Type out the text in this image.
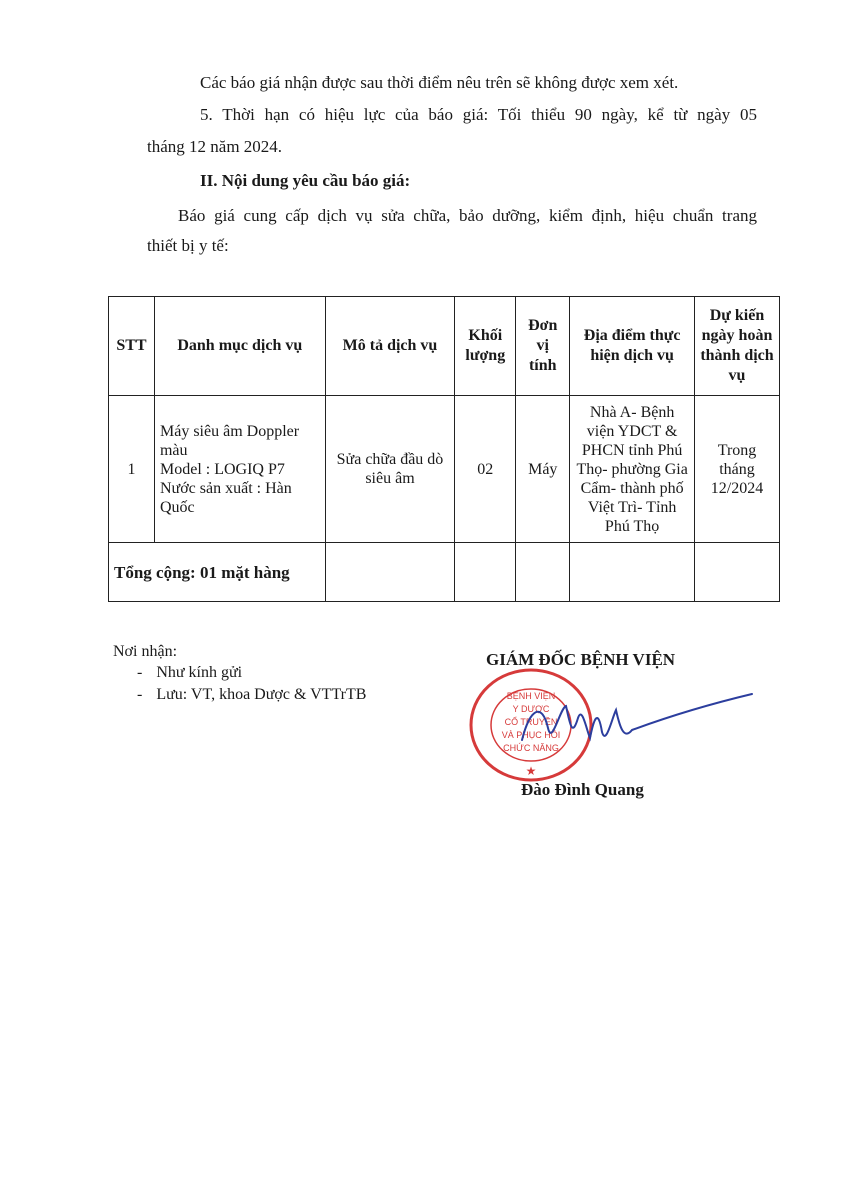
Các báo giá nhận được sau thời điểm nêu trên sẽ không được xem xét.
5. Thời hạn có hiệu lực của báo giá: Tối thiểu 90 ngày, kể từ ngày 05
tháng 12 năm 2024.
II. Nội dung yêu cầu báo giá:
Báo giá cung cấp dịch vụ sửa chữa, bảo dưỡng, kiểm định, hiệu chuẩn trang
thiết bị y tế:
STT	Danh mục dịch vụ	Mô tả dịch vụ	Khối lượng	Đơn vị tính	Địa điểm thực hiện dịch vụ	Dự kiến ngày hoàn thành dịch vụ
1	Máy siêu âm Doppler màu
Model : LOGIQ P7
Nước sản xuất : Hàn Quốc	Sửa chữa đầu dò siêu âm	02	Máy	Nhà A- Bệnh viện YDCT & PHCN tỉnh Phú Thọ- phường Gia Cẩm- thành phố Việt Trì- Tỉnh Phú Thọ	Trong tháng 12/2024
Tổng cộng: 01 mặt hàng						
Nơi nhận:
- Như kính gửi
- Lưu: VT, khoa Dược & VTTrTB
GIÁM ĐỐC BỆNH VIỆN
BỆNH VIỆN
Y DƯỢC
CỔ TRUYỀN
VÀ PHỤC HỒI
CHỨC NĂNG
★
Đào Đình Quang
